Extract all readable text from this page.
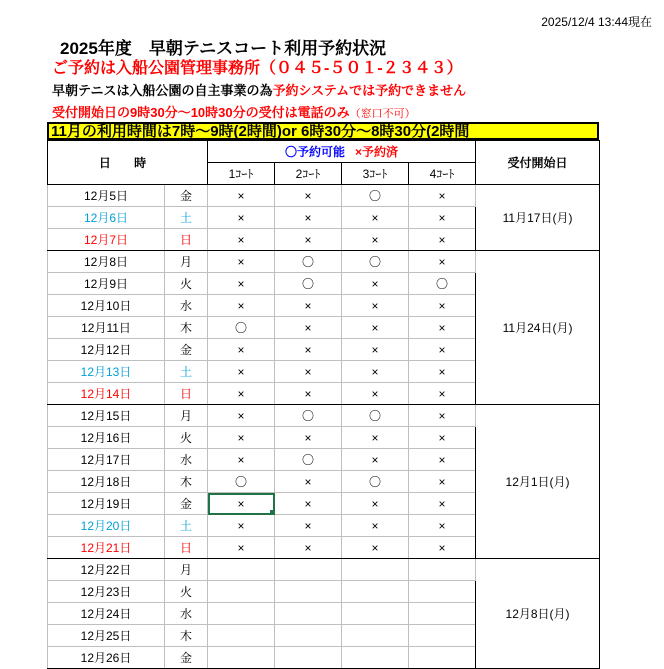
2025/12/4 13:44現在
2025年度　早朝テニスコート利用予約状況
ご予約は入船公園管理事務所（０４５-５０１-２３４３）
早朝テニスは入船公園の自主事業の為予約システムでは予約できません
受付開始日の9時30分～10時30分の受付は電話のみ（窓口不可）
11月の利用時間は7時～9時(2時間)or 6時30分～8時30分(2時間
日 時		〇予約可能 ×予約済				受付開始日
		1ｺｰﾄ	2ｺｰﾄ	3ｺｰﾄ	4ｺｰﾄ	
12月5日	金	×	×	〇	×	11月17日(月)
12月6日	土	×	×	×	×	
12月7日	日	×	×	×	×	
12月8日	月	×	〇	〇	×	11月24日(月)
12月9日	火	×	〇	×	〇	
12月10日	水	×	×	×	×	
12月11日	木	〇	×	×	×	
12月12日	金	×	×	×	×	
12月13日	土	×	×	×	×	
12月14日	日	×	×	×	×	
12月15日	月	×	〇	〇	×	12月1日(月)
12月16日	火	×	×	×	×	
12月17日	水	×	〇	×	×	
12月18日	木	〇	×	〇	×	
12月19日	金	×	×	×	×	
12月20日	土	×	×	×	×	
12月21日	日	×	×	×	×	
12月22日	月					12月8日(月)
12月23日	火					
12月24日	水					
12月25日	木					
12月26日	金					
